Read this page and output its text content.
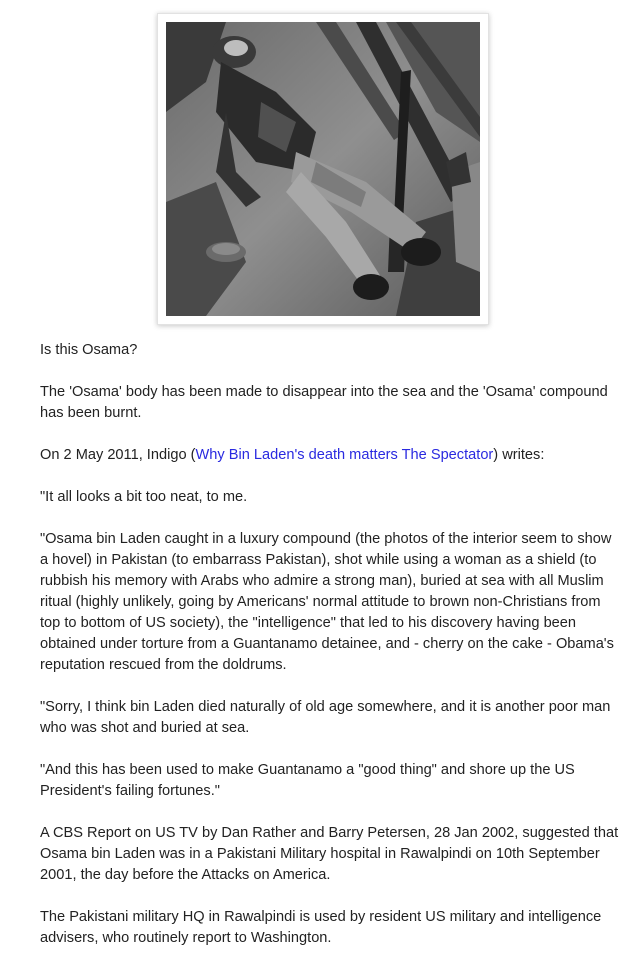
Is this Osama?

The 'Osama' body has been made to disappear into the sea and the 'Osama' compound has been burnt.

On 2 May 2011, Indigo (Why Bin Laden's death matters The Spectator) writes:

"It all looks a bit too neat, to me.

"Osama bin Laden caught in a luxury compound (the photos of the interior seem to show a hovel) in Pakistan (to embarrass Pakistan), shot while using a woman as a shield (to rubbish his memory with Arabs who admire a strong man), buried at sea with all Muslim ritual (highly unlikely, going by Americans' normal attitude to brown non-Christians from top to bottom of US society), the "intelligence" that led to his discovery having been obtained under torture from a Guantanamo detainee, and - cherry on the cake - Obama's reputation rescued from the doldrums.

"Sorry, I think bin Laden died naturally of old age somewhere, and it is another poor man who was shot and buried at sea.

"And this has been used to make Guantanamo a "good thing" and shore up the US President's failing fortunes."

A CBS Report on US TV by Dan Rather and Barry Petersen, 28 Jan 2002, suggested that Osama bin Laden was in a Pakistani Military hospital in Rawalpindi on 10th September 2001, the day before the Attacks on America.

The Pakistani military HQ in Rawalpindi is used by resident US military and intelligence advisers, who routinely report to Washington.
